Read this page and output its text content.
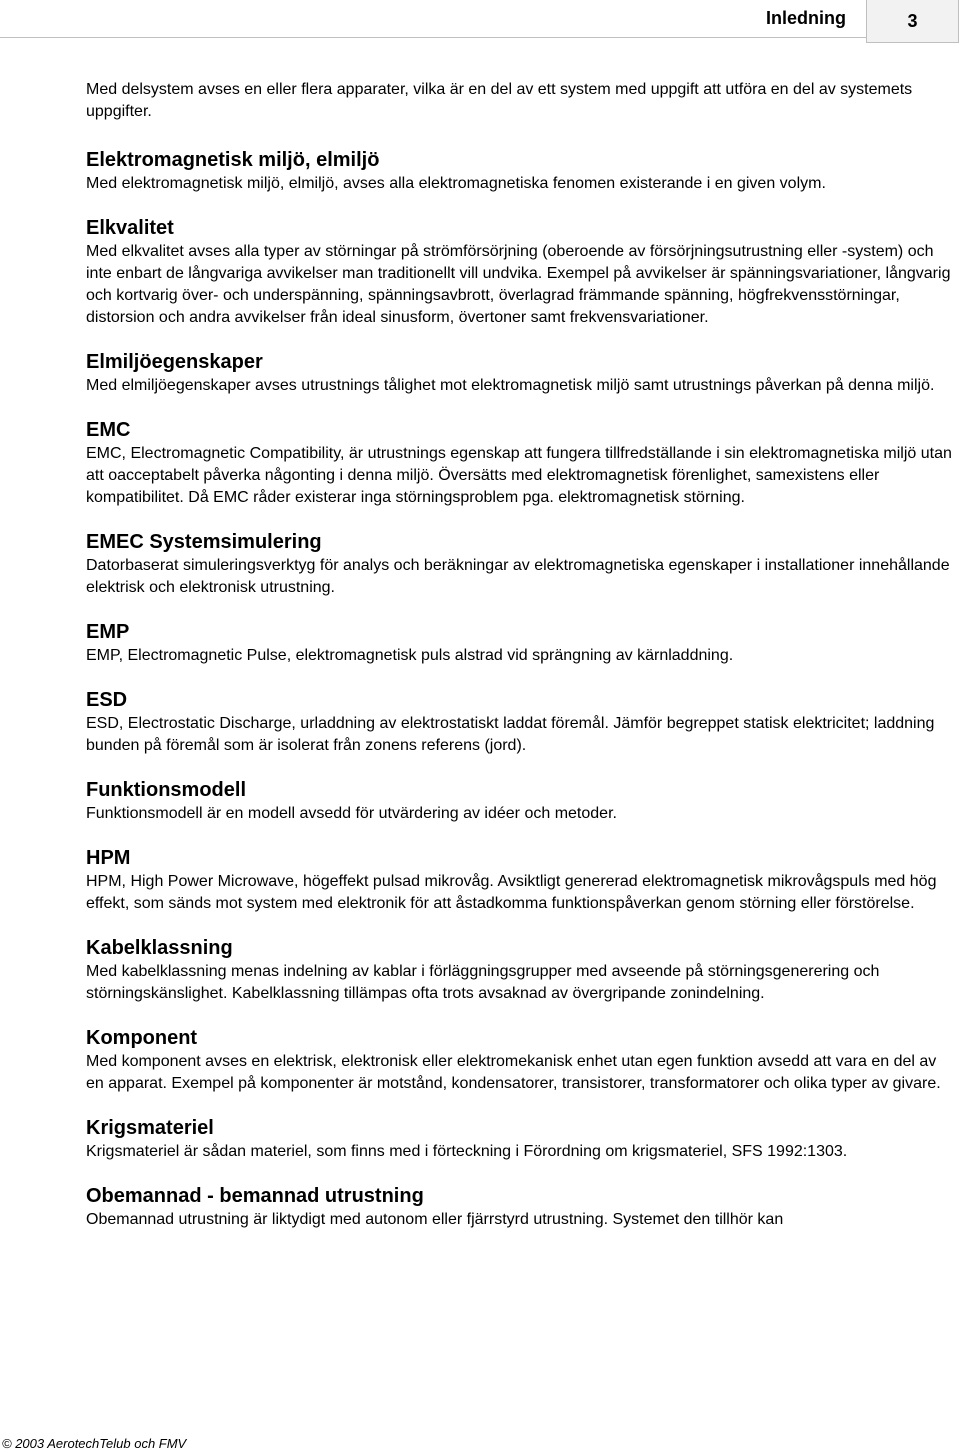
Inledning	3

Med delsystem avses en eller flera apparater, vilka är en del av ett system med uppgift att utföra en del av systemets uppgifter.

Elektromagnetisk miljö, elmiljö

Med elektromagnetisk miljö, elmiljö, avses alla elektromagnetiska fenomen existerande i en given volym.

Elkvalitet

Med elkvalitet avses alla typer av störningar på strömförsörjning (oberoende av försörjningsutrustning eller -system) och inte enbart de långvariga avvikelser man traditionellt vill undvika. Exempel på avvikelser är spänningsvariationer, långvarig och kortvarig över- och underspänning, spänningsavbrott, överlagrad främmande spänning, högfrekvensstörningar, distorsion och andra avvikelser från ideal sinusform, övertoner samt frekvensvariationer.

Elmiljöegenskaper

Med elmiljöegenskaper avses utrustnings tålighet mot elektromagnetisk miljö samt utrustnings påverkan på denna miljö.

EMC

EMC, Electromagnetic Compatibility, är utrustnings egenskap att fungera tillfredställande i sin elektromagnetiska miljö utan att oacceptabelt påverka någonting i denna miljö. Översätts med elektromagnetisk förenlighet, samexistens eller kompatibilitet. Då EMC råder existerar inga störningsproblem pga. elektromagnetisk störning.

EMEC Systemsimulering

Datorbaserat simuleringsverktyg för analys och beräkningar av elektromagnetiska egenskaper i installationer innehållande elektrisk och elektronisk utrustning.

EMP

EMP, Electromagnetic Pulse, elektromagnetisk puls alstrad vid sprängning av kärnladdning.

ESD

ESD, Electrostatic Discharge, urladdning av elektrostatiskt laddat föremål. Jämför begreppet statisk elektricitet; laddning bunden på föremål som är isolerat från zonens referens (jord).

Funktionsmodell

Funktionsmodell är en modell avsedd för utvärdering av idéer och metoder.

HPM

HPM, High Power Microwave, högeffekt pulsad mikrovåg. Avsiktligt genererad elektromagnetisk mikrovågspuls med hög effekt, som sänds mot system med elektronik för att åstadkomma funktionspåverkan genom störning eller förstörelse.

Kabelklassning

Med kabelklassning menas indelning av kablar i förläggningsgrupper med avseende på störningsgenerering och störningskänslighet. Kabelklassning tillämpas ofta trots avsaknad av övergripande zonindelning.

Komponent

Med komponent avses en elektrisk, elektronisk eller elektromekanisk enhet utan egen funktion avsedd att vara en del av en apparat. Exempel på komponenter är motstånd, kondensatorer, transistorer, transformatorer och olika typer av givare.

Krigsmateriel

Krigsmateriel är sådan materiel, som finns med i förteckning i Förordning om krigsmateriel, SFS 1992:1303.

Obemannad - bemannad utrustning

Obemannad utrustning är liktydigt med autonom eller fjärrstyrd utrustning. Systemet den tillhör kan

© 2003 AerotechTelub och FMV
